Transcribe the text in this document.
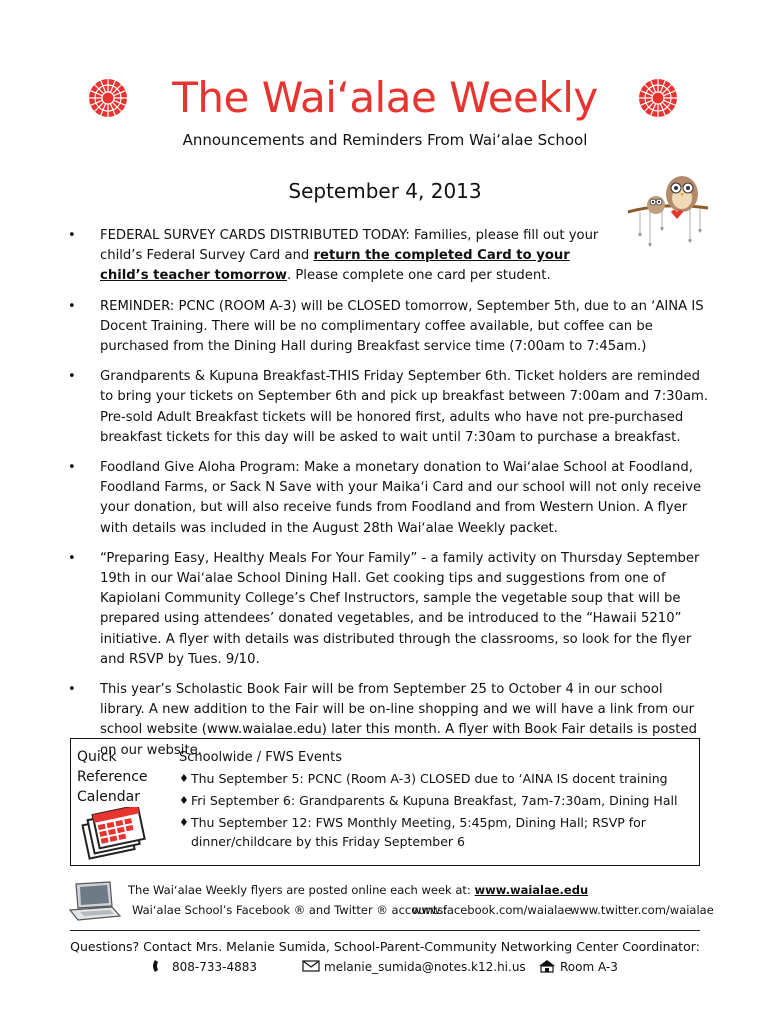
The Waiʻalae Weekly
Announcements and Reminders From Waiʻalae School
September 4, 2013
• FEDERAL SURVEY CARDS DISTRIBUTED TODAY: Families, please fill out your child’s Federal Survey Card and return the completed Card to your child’s teacher tomorrow. Please complete one card per student.
• REMINDER: PCNC (ROOM A-3) will be CLOSED tomorrow, September 5th, due to an ʻAINA IS Docent Training. There will be no complimentary coffee available, but coffee can be purchased from the Dining Hall during Breakfast service time (7:00am to 7:45am.)
• Grandparents & Kupuna Breakfast-THIS Friday September 6th. Ticket holders are reminded to bring your tickets on September 6th and pick up breakfast between 7:00am and 7:30am. Pre-sold Adult Breakfast tickets will be honored first, adults who have not pre-purchased breakfast tickets for this day will be asked to wait until 7:30am to purchase a breakfast.
• Foodland Give Aloha Program: Make a monetary donation to Waiʻalae School at Foodland, Foodland Farms, or Sack N Save with your Maikaʻi Card and our school will not only receive your donation, but will also receive funds from Foodland and from Western Union. A flyer with details was included in the August 28th Waiʻalae Weekly packet.
• “Preparing Easy, Healthy Meals For Your Family” - a family activity on Thursday September 19th in our Waiʻalae School Dining Hall. Get cooking tips and suggestions from one of Kapiolani Community College’s Chef Instructors, sample the vegetable soup that will be prepared using attendees’ donated vegetables, and be introduced to the “Hawaii 5210” initiative. A flyer with details was distributed through the classrooms, so look for the flyer and RSVP by Tues. 9/10.
• This year’s Scholastic Book Fair will be from September 25 to October 4 in our school library. A new addition to the Fair will be on-line shopping and we will have a link from our school website (www.waialae.edu) later this month. A flyer with Book Fair details is posted on our website.
Quick
Reference
Calendar
Schoolwide / FWS Events
♦ Thu September 5: PCNC (Room A-3) CLOSED due to ʻAINA IS docent training
♦ Fri September 6: Grandparents & Kupuna Breakfast, 7am-7:30am, Dining Hall
♦ Thu September 12: FWS Monthly Meeting, 5:45pm, Dining Hall; RSVP for dinner/childcare by this Friday September 6
The Waiʻalae Weekly flyers are posted online each week at: www.waialae.edu
Waiʻalae School’s Facebook ® and Twitter ® accounts:
www.facebook.com/waialae
www.twitter.com/waialae
Questions? Contact Mrs. Melanie Sumida, School-Parent-Community Networking Center Coordinator:
808-733-4883	melanie_sumida@notes.k12.hi.us	Room A-3
